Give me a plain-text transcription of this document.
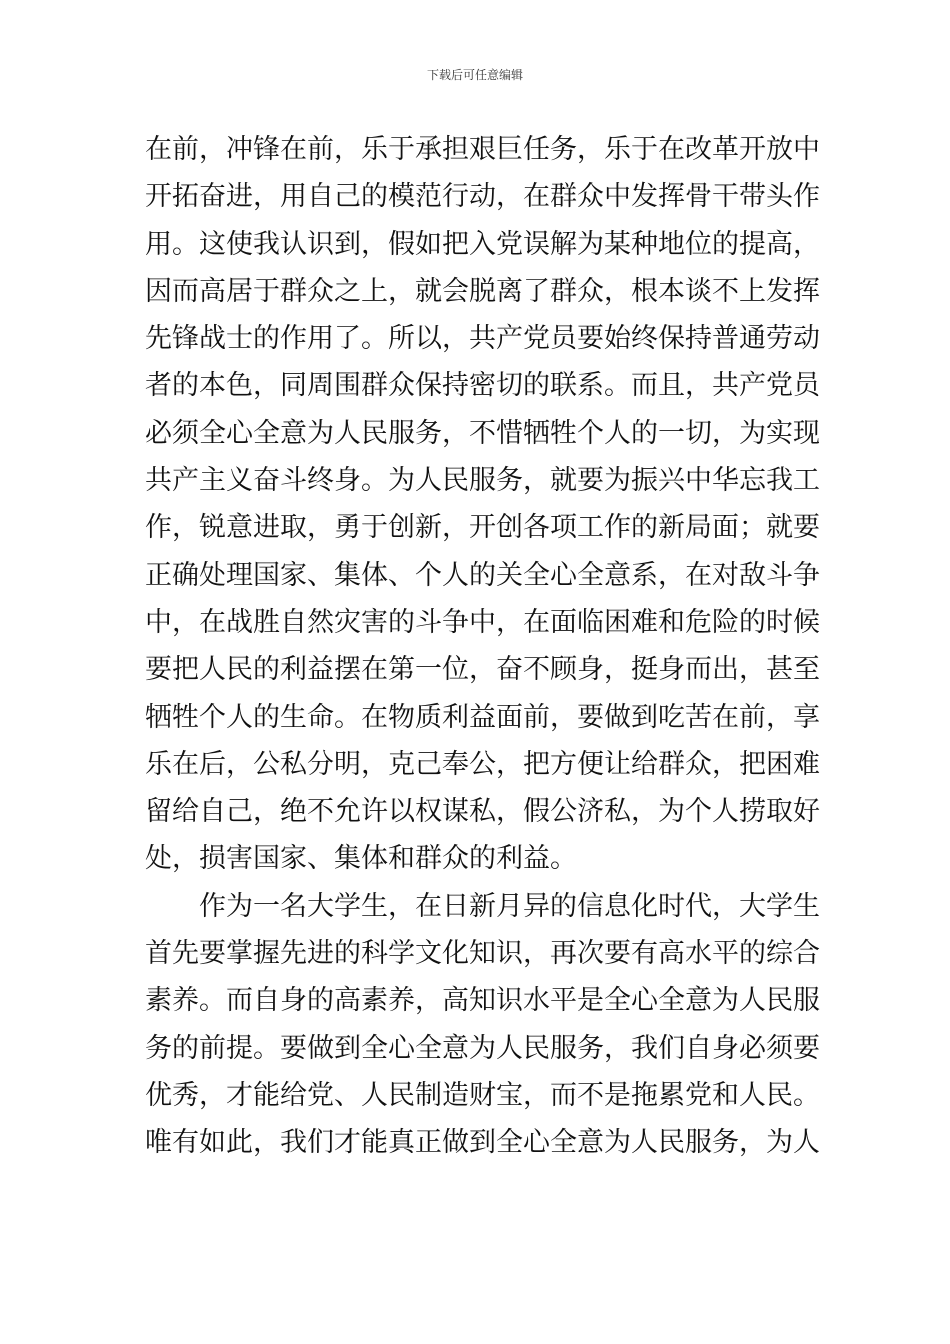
下载后可任意编辑
在前，冲锋在前，乐于承担艰巨任务，乐于在改革开放中
开拓奋进，用自己的模范行动，在群众中发挥骨干带头作
用。这使我认识到，假如把入党误解为某种地位的提高，
因而高居于群众之上，就会脱离了群众，根本谈不上发挥
先锋战士的作用了。所以，共产党员要始终保持普通劳动
者的本色，同周围群众保持密切的联系。而且，共产党员
必须全心全意为人民服务，不惜牺牲个人的一切，为实现
共产主义奋斗终身。为人民服务，就要为振兴中华忘我工
作，锐意进取，勇于创新，开创各项工作的新局面；就要
正确处理国家、集体、个人的关全心全意系，在对敌斗争
中，在战胜自然灾害的斗争中，在面临困难和危险的时候
要把人民的利益摆在第一位，奋不顾身，挺身而出，甚至
牺牲个人的生命。在物质利益面前，要做到吃苦在前，享
乐在后，公私分明，克己奉公，把方便让给群众，把困难
留给自己，绝不允许以权谋私，假公济私，为个人捞取好
处，损害国家、集体和群众的利益。
　　作为一名大学生，在日新月异的信息化时代，大学生
首先要掌握先进的科学文化知识，再次要有高水平的综合
素养。而自身的高素养，高知识水平是全心全意为人民服
务的前提。要做到全心全意为人民服务，我们自身必须要
优秀，才能给党、人民制造财宝，而不是拖累党和人民。
唯有如此，我们才能真正做到全心全意为人民服务，为人
